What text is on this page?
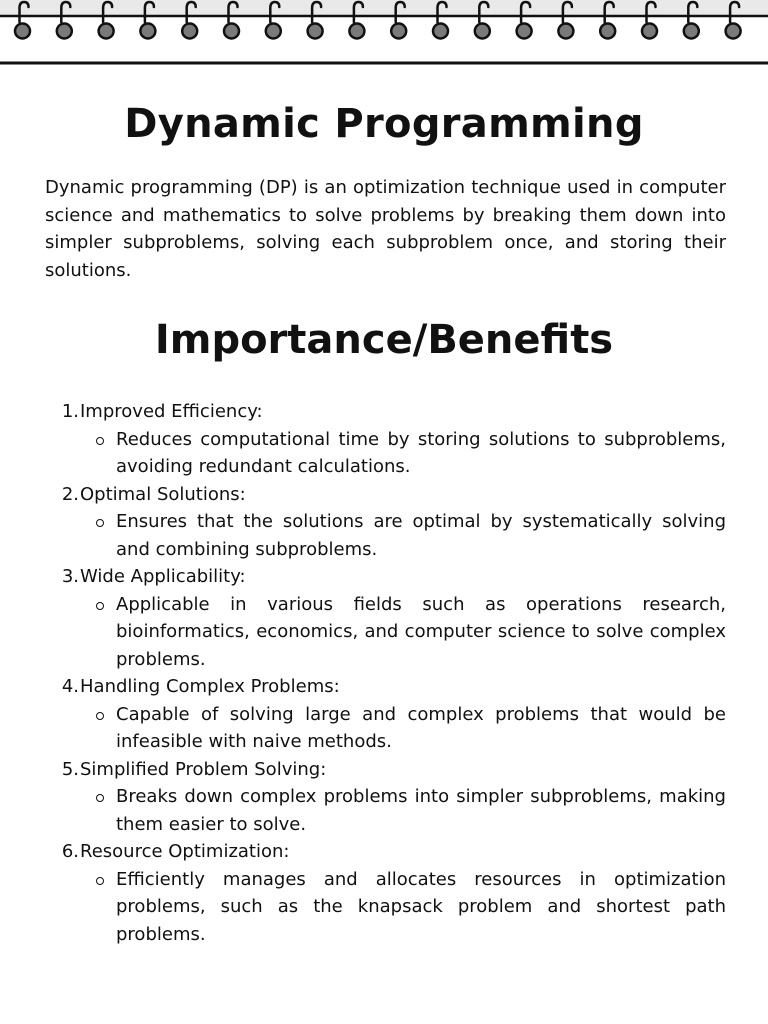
Dynamic Programming

Dynamic programming (DP) is an optimization technique used in computer science and mathematics to solve problems by breaking them down into simpler subproblems, solving each subproblem once, and storing their solutions.

Importance/Benefits
1. Improved Efficiency:
Reduces computational time by storing solutions to subproblems, avoiding redundant calculations.
2. Optimal Solutions:
Ensures that the solutions are optimal by systematically solving and combining subproblems.
3. Wide Applicability:
Applicable in various fields such as operations research, bioinformatics, economics, and computer science to solve complex problems.
4. Handling Complex Problems:
Capable of solving large and complex problems that would be infeasible with naive methods.
5. Simplified Problem Solving:
Breaks down complex problems into simpler subproblems, making them easier to solve.
6. Resource Optimization:
Efficiently manages and allocates resources in optimization problems, such as the knapsack problem and shortest path problems.
